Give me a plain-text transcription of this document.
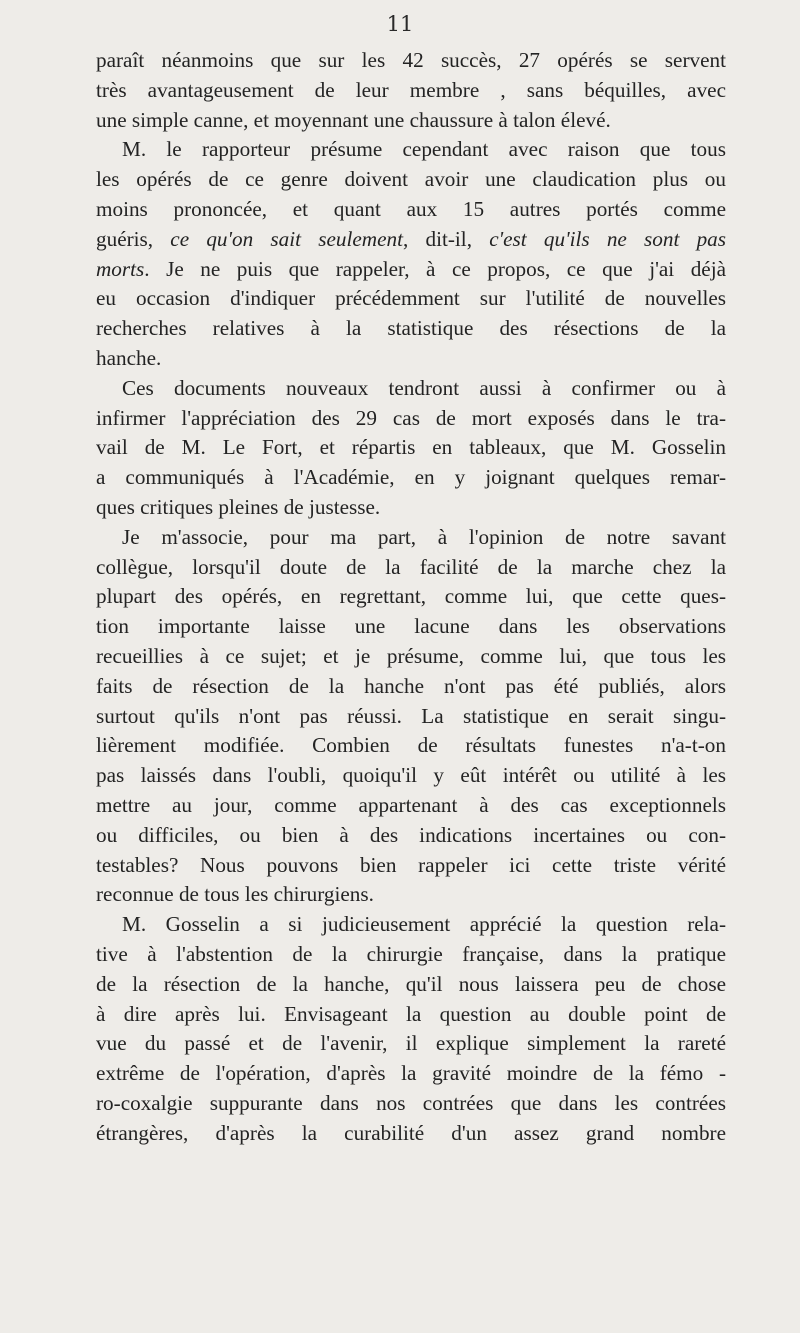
11
paraît néanmoins que sur les 42 succès, 27 opérés se servent
très avantageusement de leur membre , sans béquilles, avec
une simple canne, et moyennant une chaussure à talon élevé.
M. le rapporteur présume cependant avec raison que tous
les opérés de ce genre doivent avoir une claudication plus ou
moins prononcée, et quant aux 15 autres portés comme
guéris, ce qu'on sait seulement, dit-il, c'est qu'ils ne sont pas
morts. Je ne puis que rappeler, à ce propos, ce que j'ai déjà
eu occasion d'indiquer précédemment sur l'utilité de nouvelles
recherches relatives à la statistique des résections de la
hanche.
Ces documents nouveaux tendront aussi à confirmer ou à
infirmer l'appréciation des 29 cas de mort exposés dans le tra-
vail de M. Le Fort, et répartis en tableaux, que M. Gosselin
a communiqués à l'Académie, en y joignant quelques remar-
ques critiques pleines de justesse.
Je m'associe, pour ma part, à l'opinion de notre savant
collègue, lorsqu'il doute de la facilité de la marche chez la
plupart des opérés, en regrettant, comme lui, que cette ques-
tion importante laisse une lacune dans les observations
recueillies à ce sujet; et je présume, comme lui, que tous les
faits de résection de la hanche n'ont pas été publiés, alors
surtout qu'ils n'ont pas réussi. La statistique en serait singu-
lièrement modifiée. Combien de résultats funestes n'a-t-on
pas laissés dans l'oubli, quoiqu'il y eût intérêt ou utilité à les
mettre au jour, comme appartenant à des cas exceptionnels
ou difficiles, ou bien à des indications incertaines ou con-
testables? Nous pouvons bien rappeler ici cette triste vérité
reconnue de tous les chirurgiens.
M. Gosselin a si judicieusement apprécié la question rela-
tive à l'abstention de la chirurgie française, dans la pratique
de la résection de la hanche, qu'il nous laissera peu de chose
à dire après lui. Envisageant la question au double point de
vue du passé et de l'avenir, il explique simplement la rareté
extrême de l'opération, d'après la gravité moindre de la fémo -
ro-coxalgie suppurante dans nos contrées que dans les contrées
étrangères, d'après la curabilité d'un assez grand nombre
